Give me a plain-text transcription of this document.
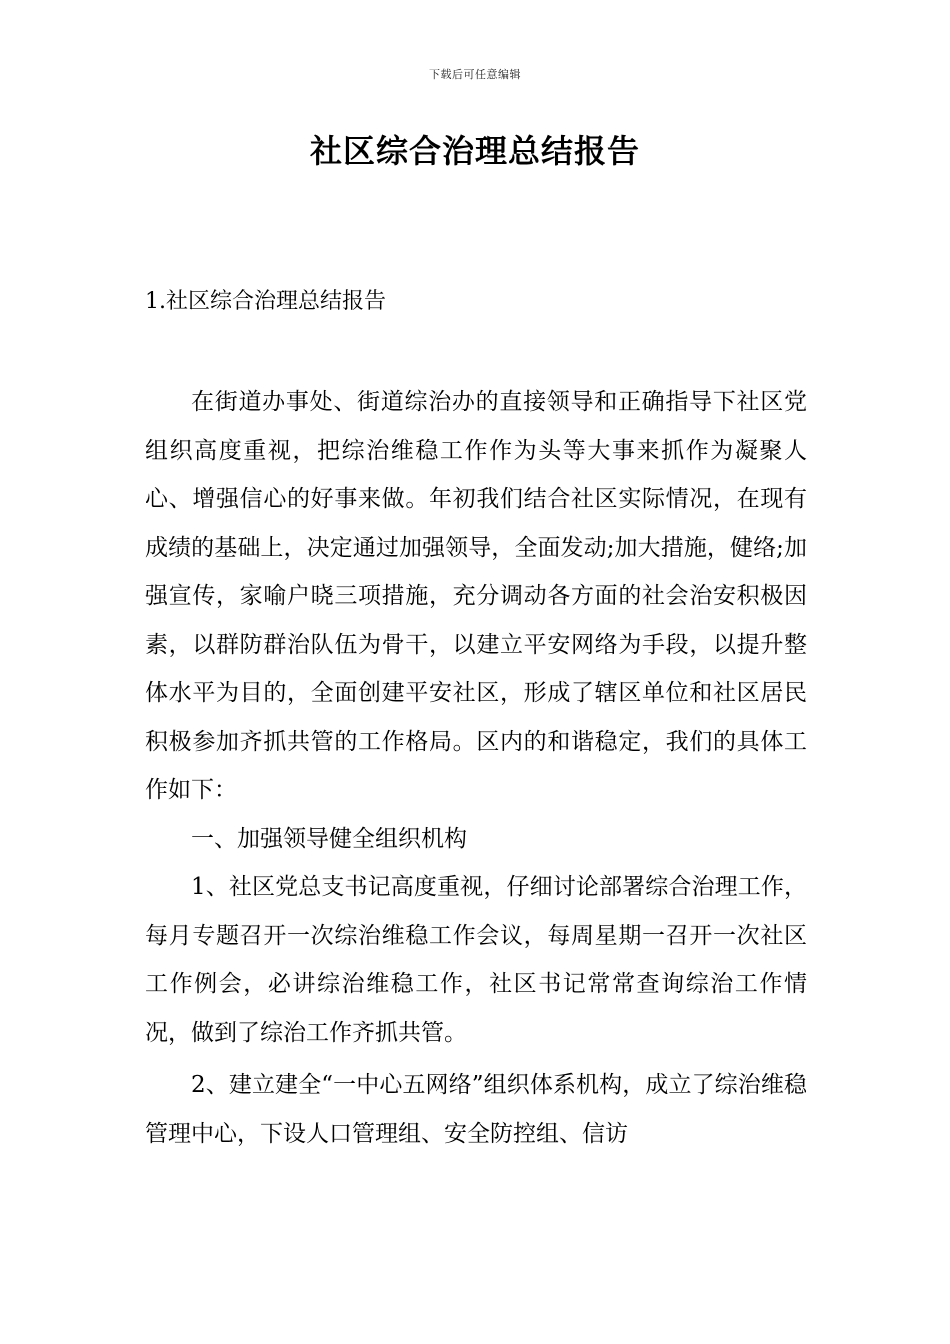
下载后可任意编辑
社区综合治理总结报告
1.社区综合治理总结报告

在街道办事处、街道综治办的直接领导和正确指导下社区党组织高度重视，把综治维稳工作作为头等大事来抓作为凝聚人心、增强信心的好事来做。年初我们结合社区实际情况，在现有成绩的基础上，决定通过加强领导，全面发动;加大措施，健络;加强宣传，家喻户晓三项措施，充分调动各方面的社会治安积极因素，以群防群治队伍为骨干，以建立平安网络为手段，以提升整体水平为目的，全面创建平安社区，形成了辖区单位和社区居民积极参加齐抓共管的工作格局。区内的和谐稳定，我们的具体工作如下：

一、加强领导健全组织机构

1、社区党总支书记高度重视，仔细讨论部署综合治理工作，每月专题召开一次综治维稳工作会议，每周星期一召开一次社区工作例会，必讲综治维稳工作，社区书记常常查询综治工作情况，做到了综治工作齐抓共管。

2、建立建全“一中心五网络”组织体系机构，成立了综治维稳管理中心，下设人口管理组、安全防控组、信访
